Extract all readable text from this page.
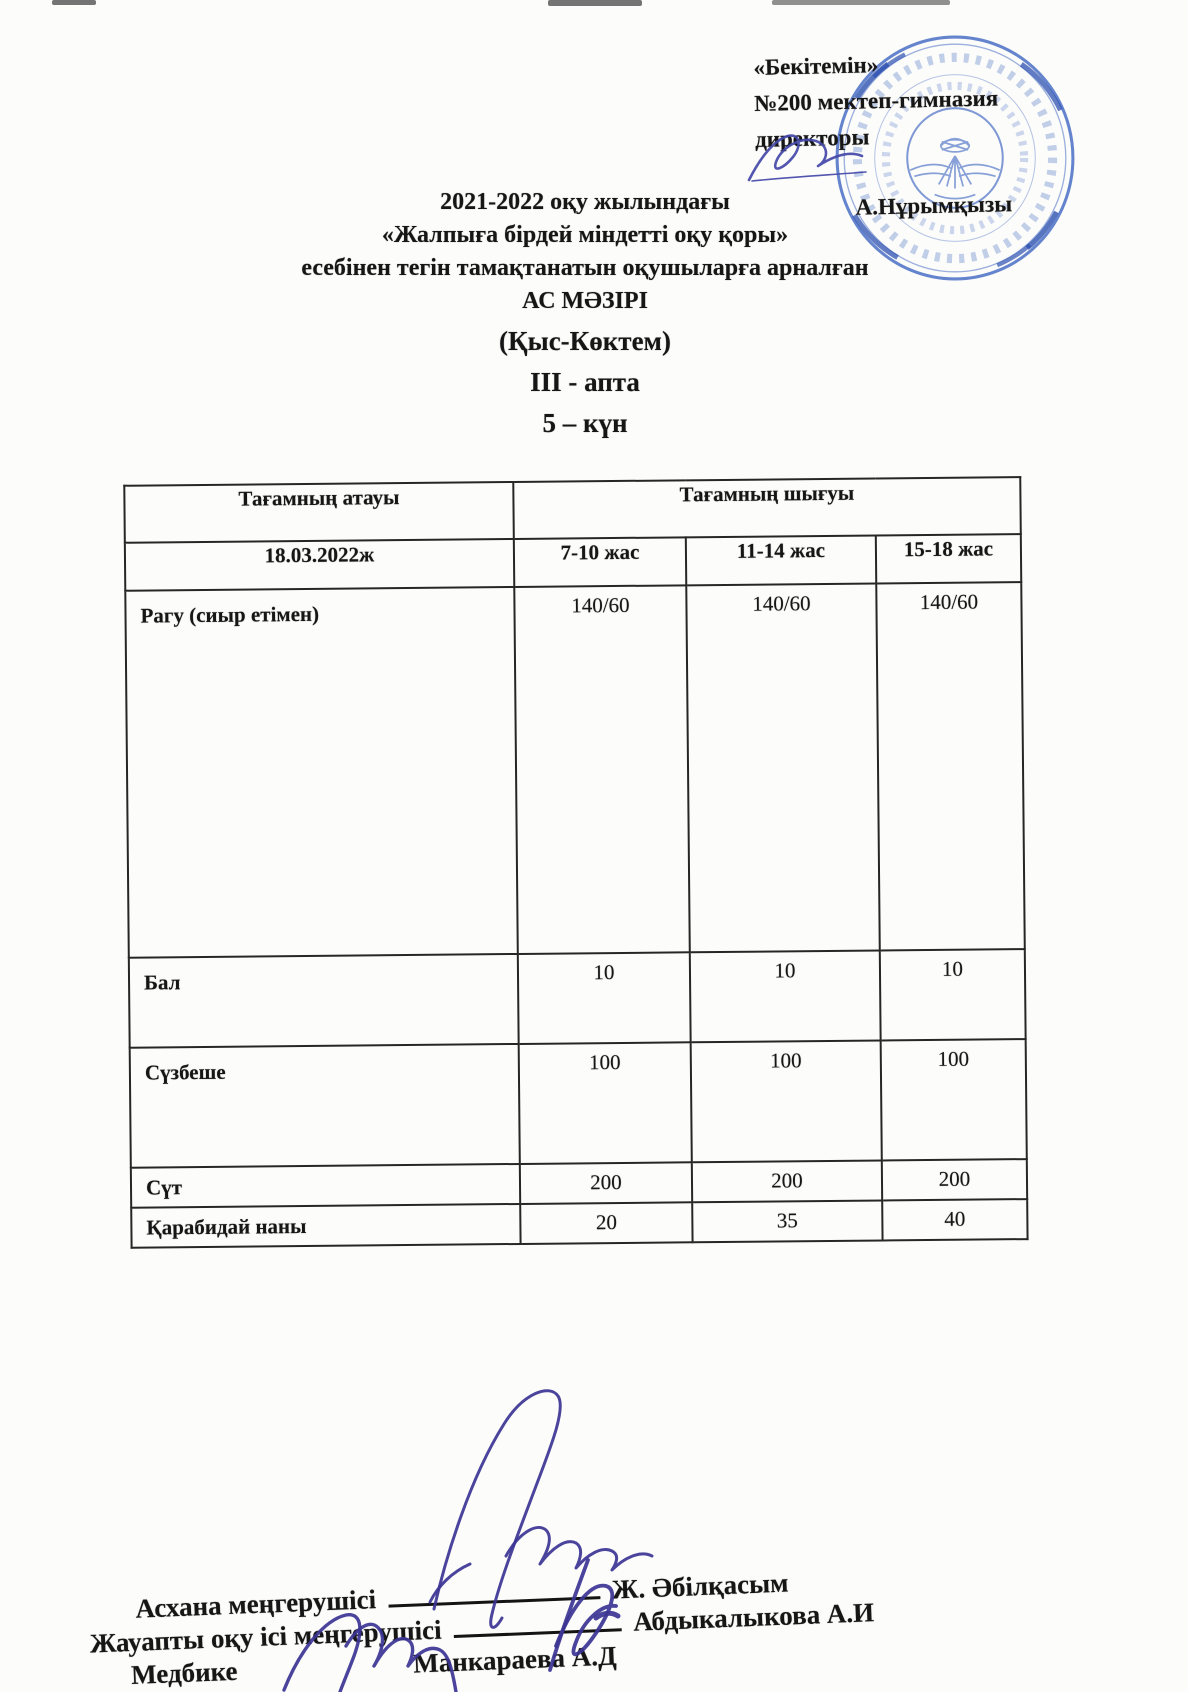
«Бекітемін»
№200 мектеп-гимназия
директоры
А.Нұрымқызы
2021-2022 оқу жылындағы
«Жалпыға бірдей міндетті оқу қоры»
есебінен тегін тамақтанатын оқушыларға арналған
АС МӘЗІРІ
(Қыс-Көктем)
ІІІ - апта
5 – күн
Тағамның атауы	Тағамның шығуы		
18.03.2022ж	7-10 жас	11-14 жас	15-18 жас
Рагу (сиыр етімен)	140/60	140/60	140/60
Бал	10	10	10
Сүзбеше	100	100	100
Сүт	200	200	200
Қарабидай наны	20	35	40
Асхана меңгерушісі	Ж. Әбілқасым
Жауапты оқу ісі меңгерушісі	Абдыкалыкова А.И
Медбике	Манкараева А.Д
